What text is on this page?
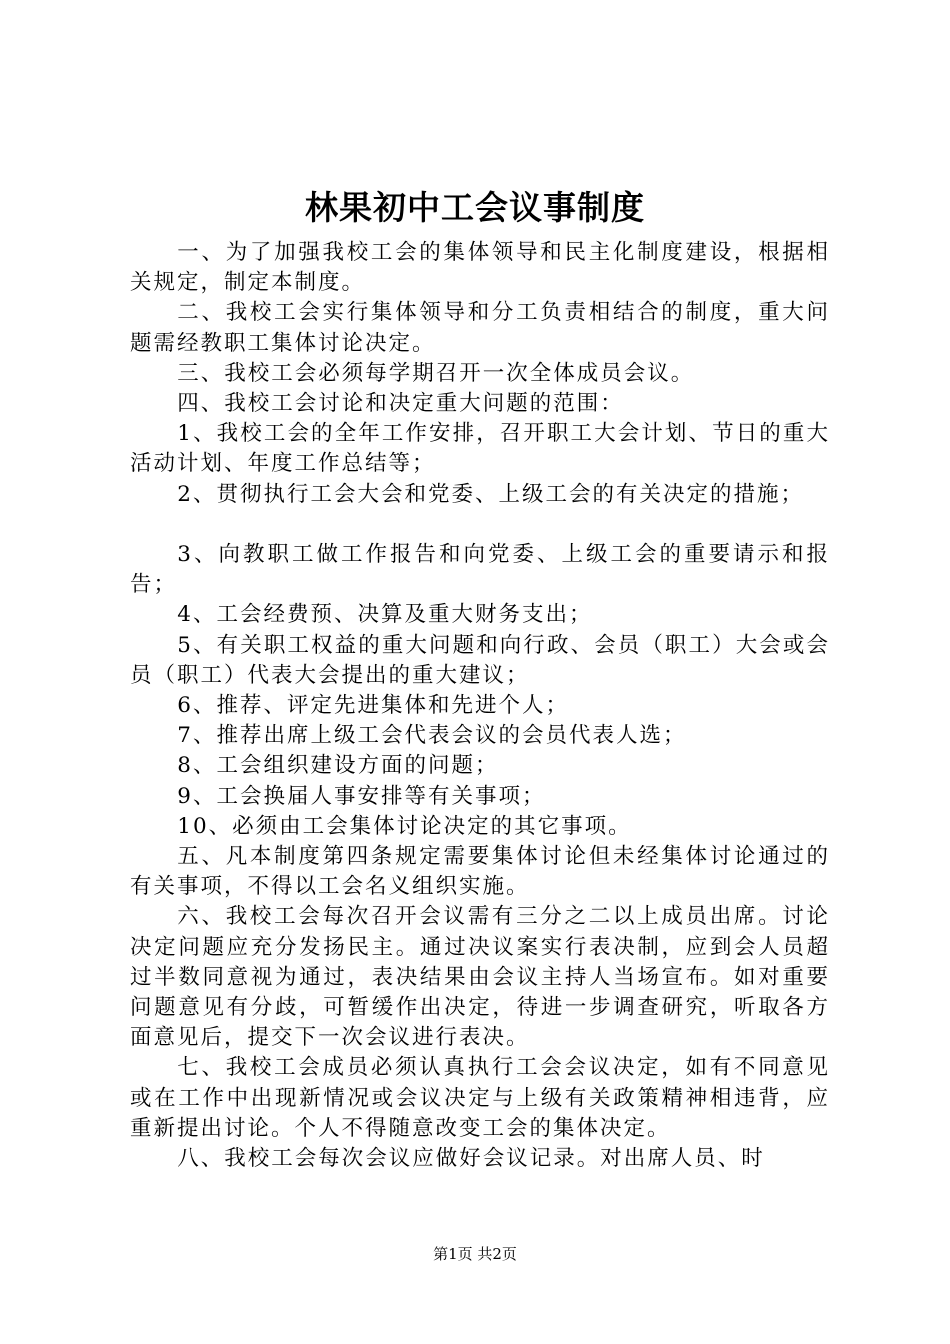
林果初中工会议事制度

一、为了加强我校工会的集体领导和民主化制度建设，根据相关规定，制定本制度。

二、我校工会实行集体领导和分工负责相结合的制度，重大问题需经教职工集体讨论决定。

三、我校工会必须每学期召开一次全体成员会议。

四、我校工会讨论和决定重大问题的范围：

1、我校工会的全年工作安排，召开职工大会计划、节日的重大活动计划、年度工作总结等；

2、贯彻执行工会大会和党委、上级工会的有关决定的措施；

3、向教职工做工作报告和向党委、上级工会的重要请示和报告；

4、工会经费预、决算及重大财务支出；

5、有关职工权益的重大问题和向行政、会员（职工）大会或会员（职工）代表大会提出的重大建议；

6、推荐、评定先进集体和先进个人；

7、推荐出席上级工会代表会议的会员代表人选；

8、工会组织建设方面的问题；

9、工会换届人事安排等有关事项；

10、必须由工会集体讨论决定的其它事项。

五、凡本制度第四条规定需要集体讨论但未经集体讨论通过的有关事项，不得以工会名义组织实施。

六、我校工会每次召开会议需有三分之二以上成员出席。讨论决定问题应充分发扬民主。通过决议案实行表决制，应到会人员超过半数同意视为通过，表决结果由会议主持人当场宣布。如对重要问题意见有分歧，可暂缓作出决定，待进一步调查研究，听取各方面意见后，提交下一次会议进行表决。

七、我校工会成员必须认真执行工会会议决定，如有不同意见或在工作中出现新情况或会议决定与上级有关政策精神相违背，应重新提出讨论。个人不得随意改变工会的集体决定。

八、我校工会每次会议应做好会议记录。对出席人员、时

第1页 共2页
